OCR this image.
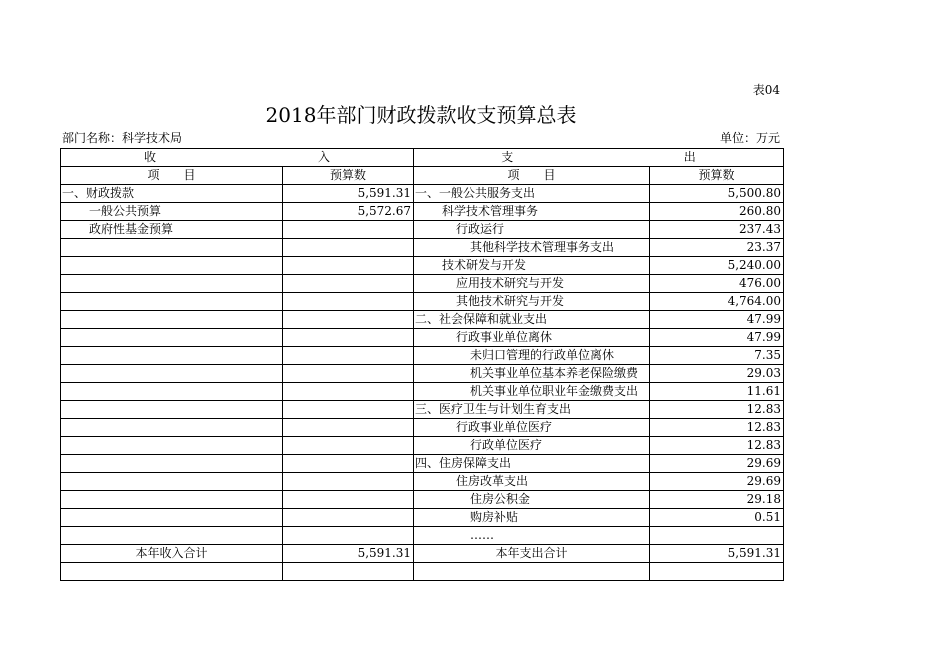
表04
2018年部门财政拨款收支预算总表
部门名称：科学技术局	单位：万元
收 入		支 出	

项　　目	预算数	项　　目	预算数
一、财政拨款	5,591.31	一、一般公共服务支出	5,500.80
一般公共预算	5,572.67	科学技术管理事务	260.80
政府性基金预算		行政运行	237.43
		其他科学技术管理事务支出	23.37
		技术研发与开发	5,240.00
		应用技术研究与开发	476.00
		其他技术研究与开发	4,764.00
		二、社会保障和就业支出	47.99
		行政事业单位离休	47.99
		未归口管理的行政单位离休	7.35
		机关事业单位基本养老保险缴费	29.03
		机关事业单位职业年金缴费支出	11.61
		三、医疗卫生与计划生育支出	12.83
		行政事业单位医疗	12.83
		行政单位医疗	12.83
		四、住房保障支出	29.69
		住房改革支出	29.69
		住房公积金	29.18
		购房补贴	0.51
		……	
本年收入合计	5,591.31	本年支出合计	5,591.31
